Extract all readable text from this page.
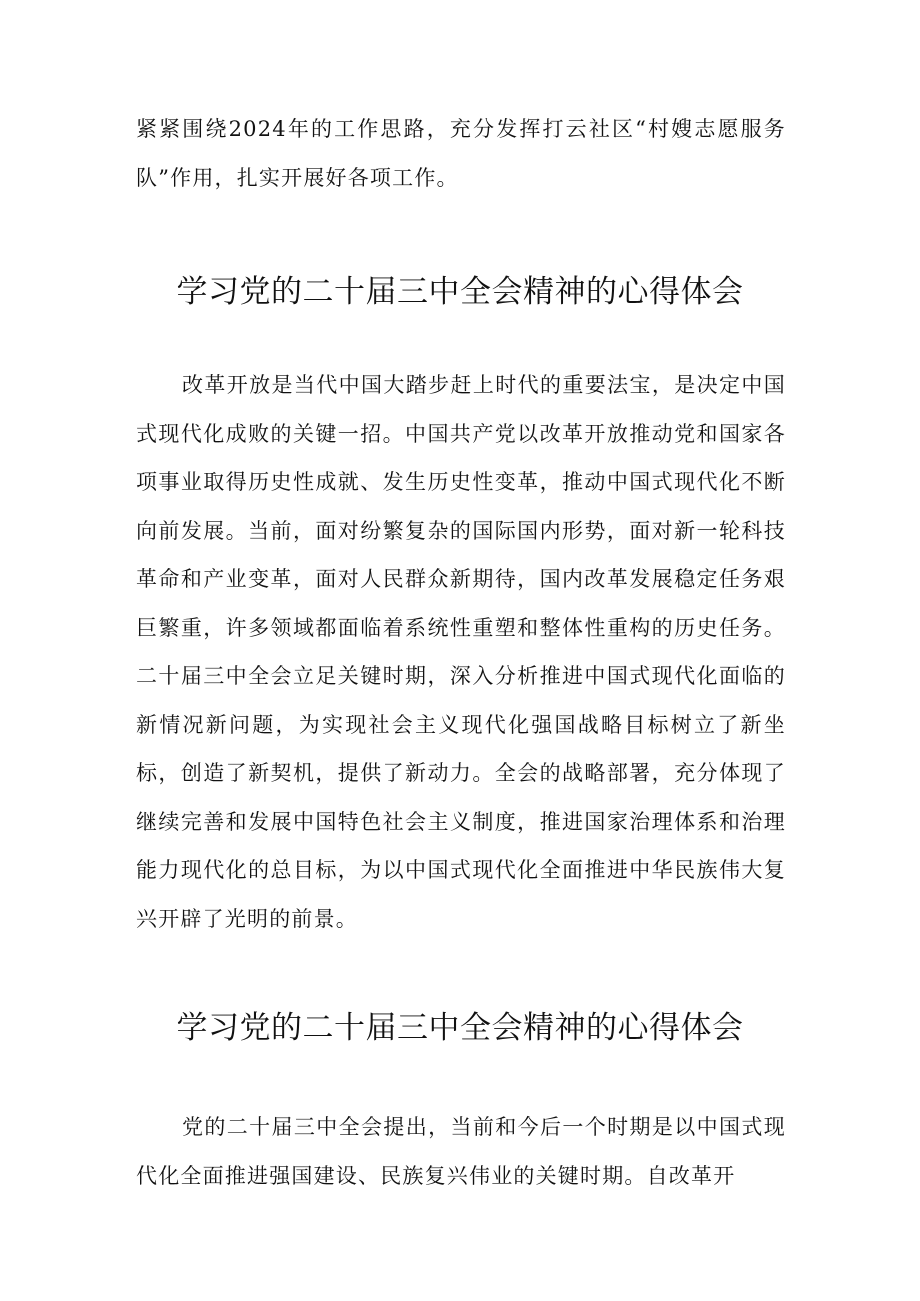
紧紧围绕2024年的工作思路，充分发挥打云社区“村嫂志愿服务队”作用，扎实开展好各项工作。

学习党的二十届三中全会精神的心得体会

改革开放是当代中国大踏步赶上时代的重要法宝，是决定中国式现代化成败的关键一招。中国共产党以改革开放推动党和国家各项事业取得历史性成就、发生历史性变革，推动中国式现代化不断向前发展。当前，面对纷繁复杂的国际国内形势，面对新一轮科技革命和产业变革，面对人民群众新期待，国内改革发展稳定任务艰巨繁重，许多领域都面临着系统性重塑和整体性重构的历史任务。二十届三中全会立足关键时期，深入分析推进中国式现代化面临的新情况新问题，为实现社会主义现代化强国战略目标树立了新坐标，创造了新契机，提供了新动力。全会的战略部署，充分体现了继续完善和发展中国特色社会主义制度，推进国家治理体系和治理能力现代化的总目标，为以中国式现代化全面推进中华民族伟大复兴开辟了光明的前景。

学习党的二十届三中全会精神的心得体会

党的二十届三中全会提出，当前和今后一个时期是以中国式现代化全面推进强国建设、民族复兴伟业的关键时期。自改革开
